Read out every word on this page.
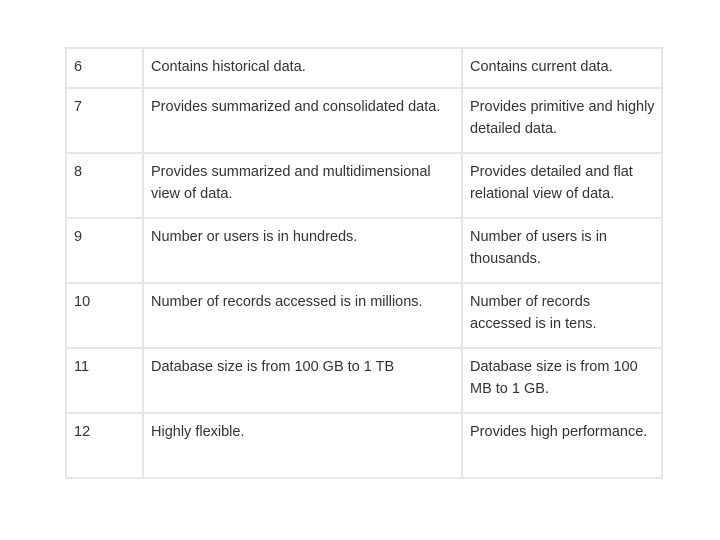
6	Contains historical data.	Contains current data.
7	Provides summarized and consolidated data.	Provides primitive and highly detailed data.
8	Provides summarized and multidimensional view of data.	Provides detailed and flat relational view of data.
9	Number or users is in hundreds.	Number of users is in thousands.
10	Number of records accessed is in millions.	Number of records accessed is in tens.
11	Database size is from 100 GB to 1 TB	Database size is from 100 MB to 1 GB.
12	Highly flexible.	Provides high performance.
